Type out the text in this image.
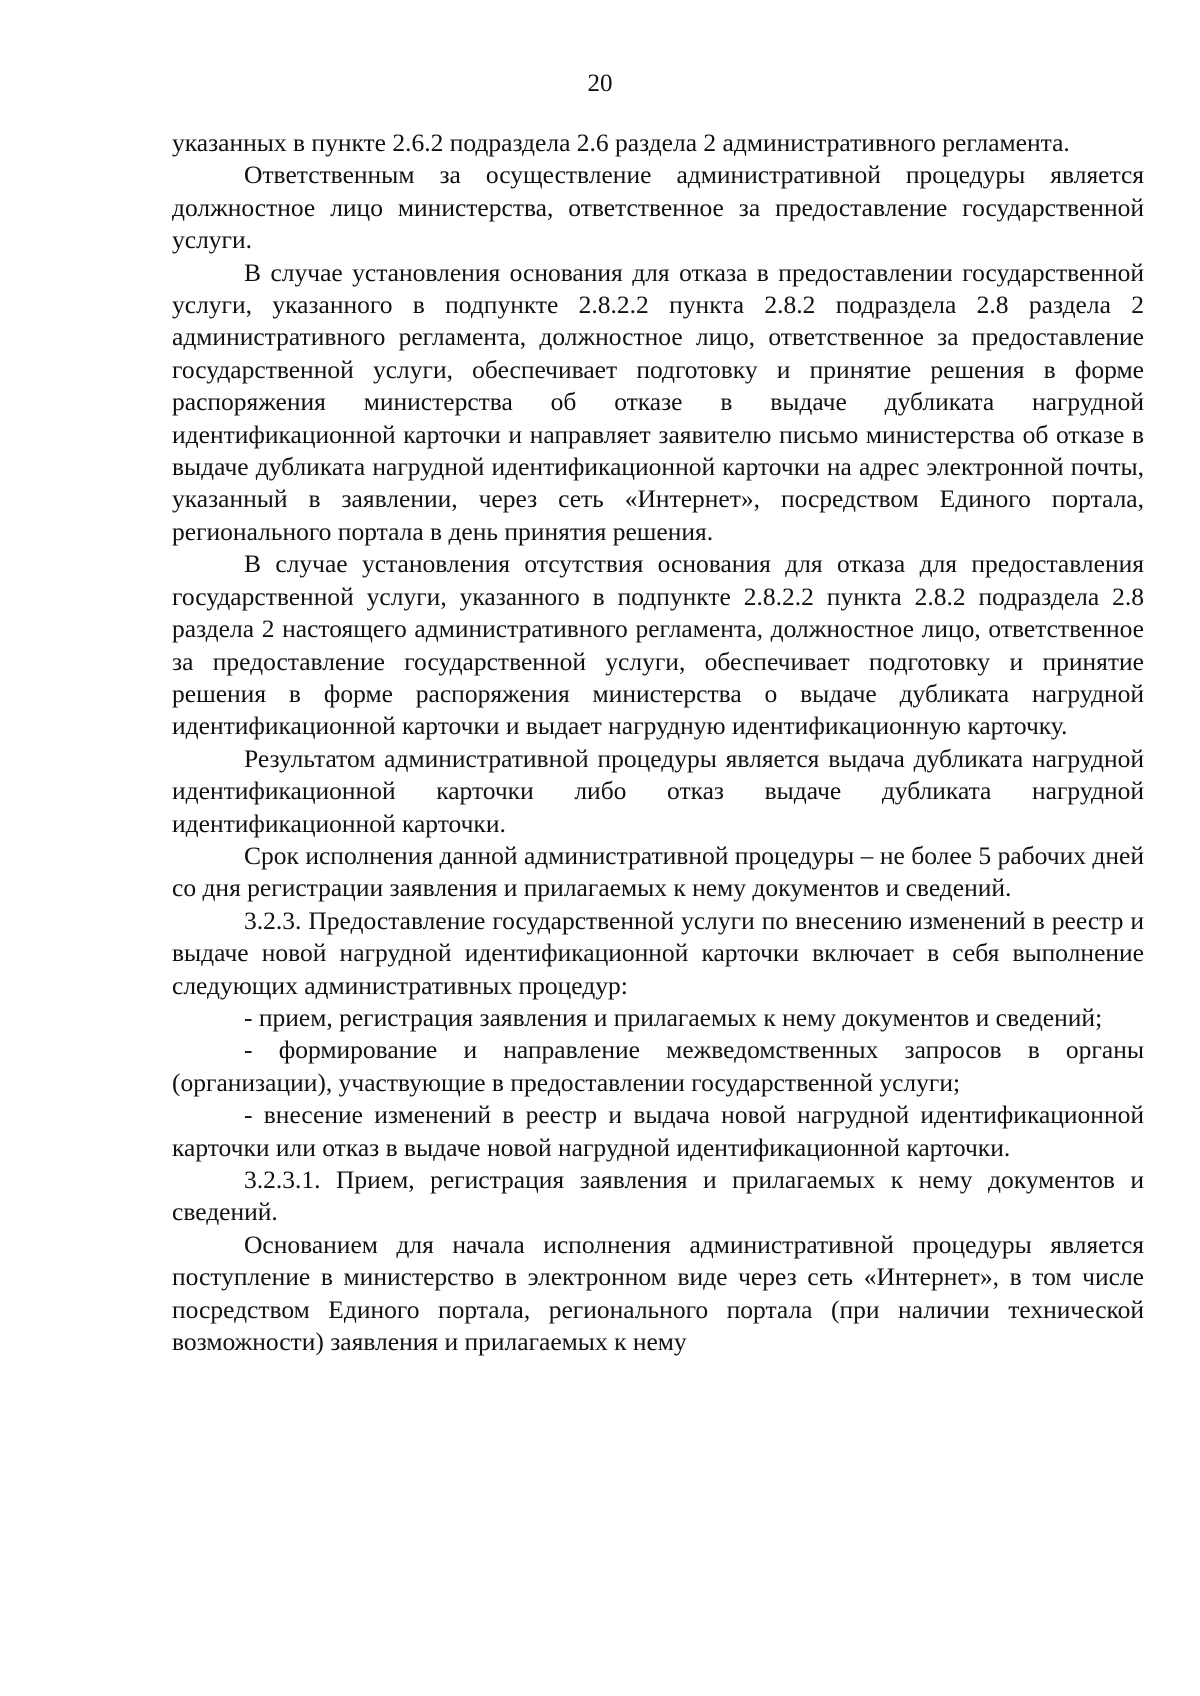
20

указанных в пункте 2.6.2 подраздела 2.6 раздела 2 административного регламента.

Ответственным за осуществление административной процедуры является должностное лицо министерства, ответственное за предоставление государственной услуги.

В случае установления основания для отказа в предоставлении государственной услуги, указанного в подпункте 2.8.2.2 пункта 2.8.2 подраздела 2.8 раздела 2 административного регламента, должностное лицо, ответственное за предоставление государственной услуги, обеспечивает подготовку и принятие решения в форме распоряжения министерства об отказе в выдаче дубликата нагрудной идентификационной карточки и направляет заявителю письмо министерства об отказе в выдаче дубликата нагрудной идентификационной карточки на адрес электронной почты, указанный в заявлении, через сеть «Интернет», посредством Единого портала, регионального портала в день принятия решения.

В случае установления отсутствия основания для отказа для предоставления государственной услуги, указанного в подпункте 2.8.2.2 пункта 2.8.2 подраздела 2.8 раздела 2 настоящего административного регламента, должностное лицо, ответственное за предоставление государственной услуги, обеспечивает подготовку и принятие решения в форме распоряжения министерства о выдаче дубликата нагрудной идентификационной карточки и выдает нагрудную идентификационную карточку.

Результатом административной процедуры является выдача дубликата нагрудной идентификационной карточки либо отказ выдаче дубликата нагрудной идентификационной карточки.

Срок исполнения данной административной процедуры – не более 5 рабочих дней со дня регистрации заявления и прилагаемых к нему документов и сведений.

3.2.3. Предоставление государственной услуги по внесению изменений в реестр и выдаче новой нагрудной идентификационной карточки включает в себя выполнение следующих административных процедур:

- прием, регистрация заявления и прилагаемых к нему документов и сведений;

- формирование и направление межведомственных запросов в органы (организации), участвующие в предоставлении государственной услуги;

- внесение изменений в реестр и выдача новой нагрудной идентификационной карточки или отказ в выдаче новой нагрудной идентификационной карточки.

3.2.3.1. Прием, регистрация заявления и прилагаемых к нему документов и сведений.

Основанием для начала исполнения административной процедуры является поступление в министерство в электронном виде через сеть «Интернет», в том числе посредством Единого портала, регионального портала (при наличии технической возможности) заявления и прилагаемых к нему
